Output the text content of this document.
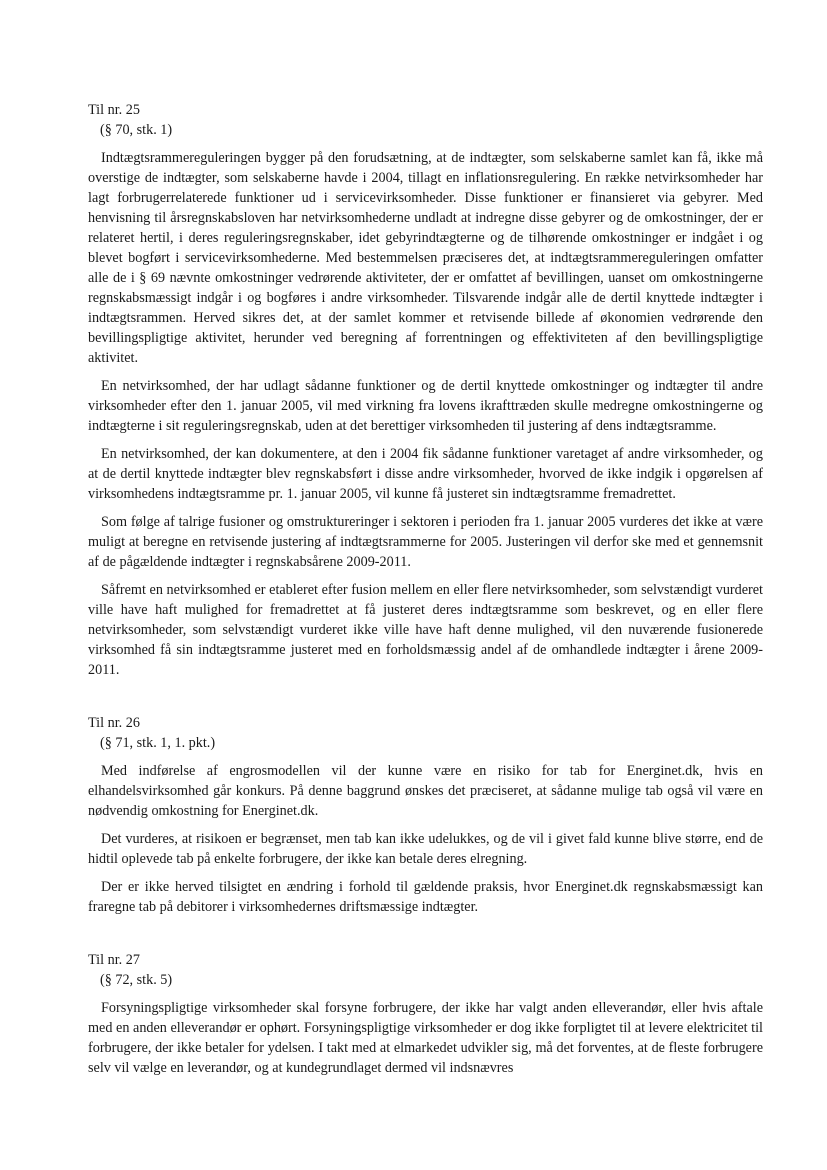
Til nr. 25

(§ 70, stk. 1)

Indtægtsrammereguleringen bygger på den forudsætning, at de indtægter, som selskaberne samlet kan få, ikke må overstige de indtægter, som selskaberne havde i 2004, tillagt en inflationsregulering. En række netvirksomheder har lagt forbrugerrelaterede funktioner ud i servicevirksomheder. Disse funktioner er finansieret via gebyrer. Med henvisning til årsregnskabsloven har netvirksomhederne undladt at indregne disse gebyrer og de omkostninger, der er relateret hertil, i deres reguleringsregnskaber, idet gebyrindtægterne og de tilhørende omkostninger er indgået i og blevet bogført i servicevirksomhederne. Med bestemmelsen præciseres det, at indtægtsrammereguleringen omfatter alle de i § 69 nævnte omkostninger vedrørende aktiviteter, der er omfattet af bevillingen, uanset om omkostningerne regnskabsmæssigt indgår i og bogføres i andre virksomheder. Tilsvarende indgår alle de dertil knyttede indtægter i indtægtsrammen. Herved sikres det, at der samlet kommer et retvisende billede af økonomien vedrørende den bevillingspligtige aktivitet, herunder ved beregning af forrentningen og effektiviteten af den bevillingspligtige aktivitet.

En netvirksomhed, der har udlagt sådanne funktioner og de dertil knyttede omkostninger og indtægter til andre virksomheder efter den 1. januar 2005, vil med virkning fra lovens ikrafttræden skulle medregne omkostningerne og indtægterne i sit reguleringsregnskab, uden at det berettiger virksomheden til justering af dens indtægtsramme.

En netvirksomhed, der kan dokumentere, at den i 2004 fik sådanne funktioner varetaget af andre virksomheder, og at de dertil knyttede indtægter blev regnskabsført i disse andre virksomheder, hvorved de ikke indgik i opgørelsen af virksomhedens indtægtsramme pr. 1. januar 2005, vil kunne få justeret sin indtægtsramme fremadrettet.

Som følge af talrige fusioner og omstruktureringer i sektoren i perioden fra 1. januar 2005 vurderes det ikke at være muligt at beregne en retvisende justering af indtægtsrammerne for 2005. Justeringen vil derfor ske med et gennemsnit af de pågældende indtægter i regnskabsårene 2009-2011.

Såfremt en netvirksomhed er etableret efter fusion mellem en eller flere netvirksomheder, som selvstændigt vurderet ville have haft mulighed for fremadrettet at få justeret deres indtægtsramme som beskrevet, og en eller flere netvirksomheder, som selvstændigt vurderet ikke ville have haft denne mulighed, vil den nuværende fusionerede virksomhed få sin indtægtsramme justeret med en forholdsmæssig andel af de omhandlede indtægter i årene 2009-2011.

Til nr. 26

(§ 71, stk. 1, 1. pkt.)

Med indførelse af engrosmodellen vil der kunne være en risiko for tab for Energinet.dk, hvis en elhandelsvirksomhed går konkurs. På denne baggrund ønskes det præciseret, at sådanne mulige tab også vil være en nødvendig omkostning for Energinet.dk.

Det vurderes, at risikoen er begrænset, men tab kan ikke udelukkes, og de vil i givet fald kunne blive større, end de hidtil oplevede tab på enkelte forbrugere, der ikke kan betale deres elregning.

Der er ikke herved tilsigtet en ændring i forhold til gældende praksis, hvor Energinet.dk regnskabsmæssigt kan fraregne tab på debitorer i virksomhedernes driftsmæssige indtægter.

Til nr. 27

(§ 72, stk. 5)

Forsyningspligtige virksomheder skal forsyne forbrugere, der ikke har valgt anden elleverandør, eller hvis aftale med en anden elleverandør er ophørt. Forsyningspligtige virksomheder er dog ikke forpligtet til at levere elektricitet til forbrugere, der ikke betaler for ydelsen. I takt med at elmarkedet udvikler sig, må det forventes, at de fleste forbrugere selv vil vælge en leverandør, og at kundegrundlaget dermed vil indsnævres
